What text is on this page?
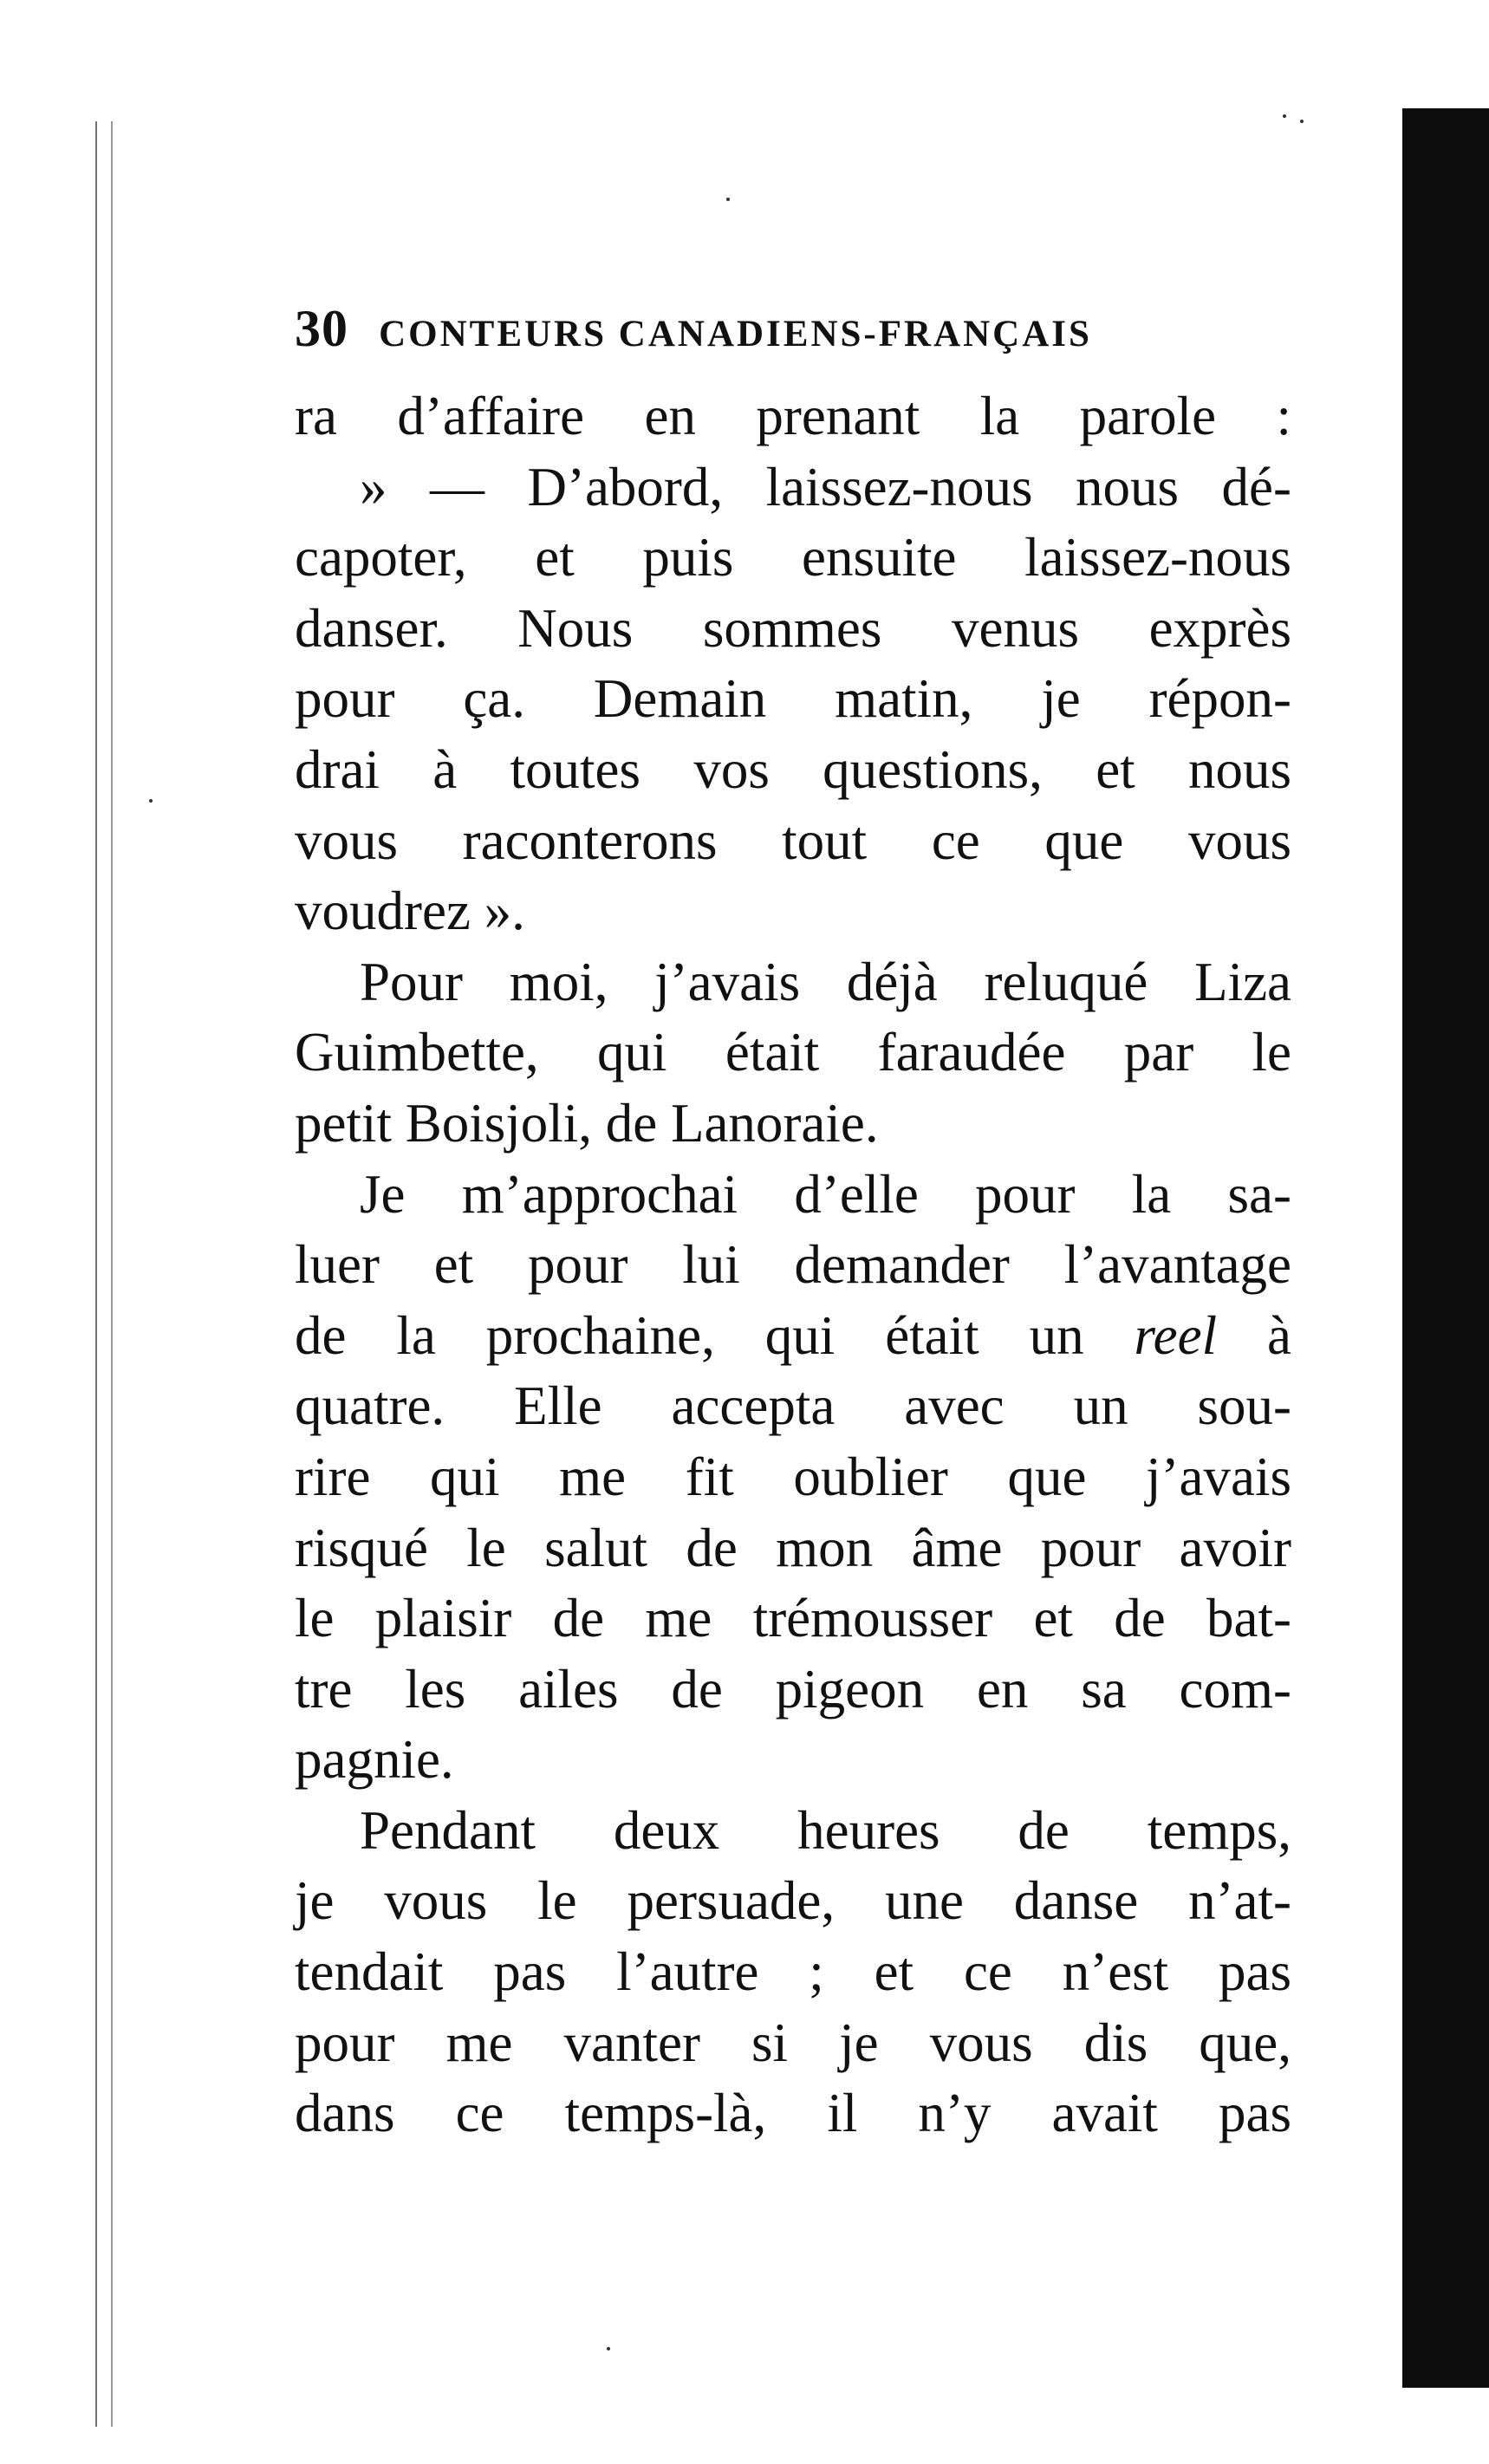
30 CONTEURS CANADIENS-FRANÇAIS
ra d’affaire en prenant la parole :
» — D’abord, laissez-nous nous dé-
capoter, et puis ensuite laissez-nous
danser. Nous sommes venus exprès
pour ça. Demain matin, je répon-
drai à toutes vos questions, et nous
vous raconterons tout ce que vous
voudrez ».
Pour moi, j’avais déjà reluqué Liza
Guimbette, qui était faraudée par le
petit Boisjoli, de Lanoraie.
Je m’approchai d’elle pour la sa-
luer et pour lui demander l’avantage
de la prochaine, qui était un reel à
quatre. Elle accepta avec un sou-
rire qui me fit oublier que j’avais
risqué le salut de mon âme pour avoir
le plaisir de me trémousser et de bat-
tre les ailes de pigeon en sa com-
pagnie.
Pendant deux heures de temps,
je vous le persuade, une danse n’at-
tendait pas l’autre ; et ce n’est pas
pour me vanter si je vous dis que,
dans ce temps-là, il n’y avait pas
